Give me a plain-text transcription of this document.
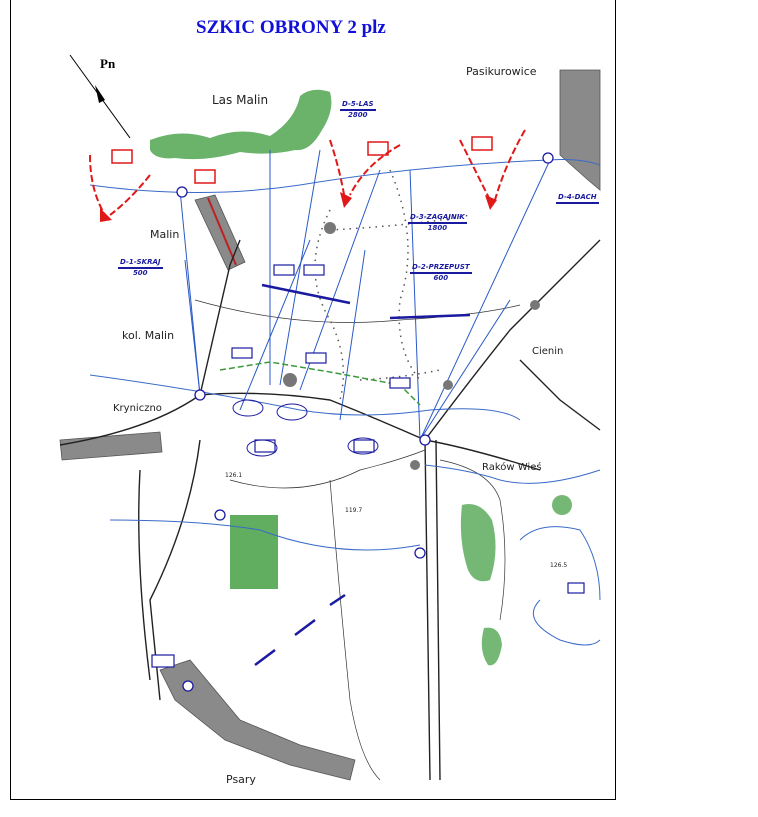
SZKIC OBRONY 2 plz
Pn
Las Malin
Pasikurowice
Malin
kol. Malin
Kryniczno
Cienin
Raków Wieś
Psary
D-5-LAS
2800
D-3-ZAGAJNIK
1800
D-2-PRZEPUST
600
D-1-SKRAJ
500
D-4-DACH
126.5
119.7
126.1
